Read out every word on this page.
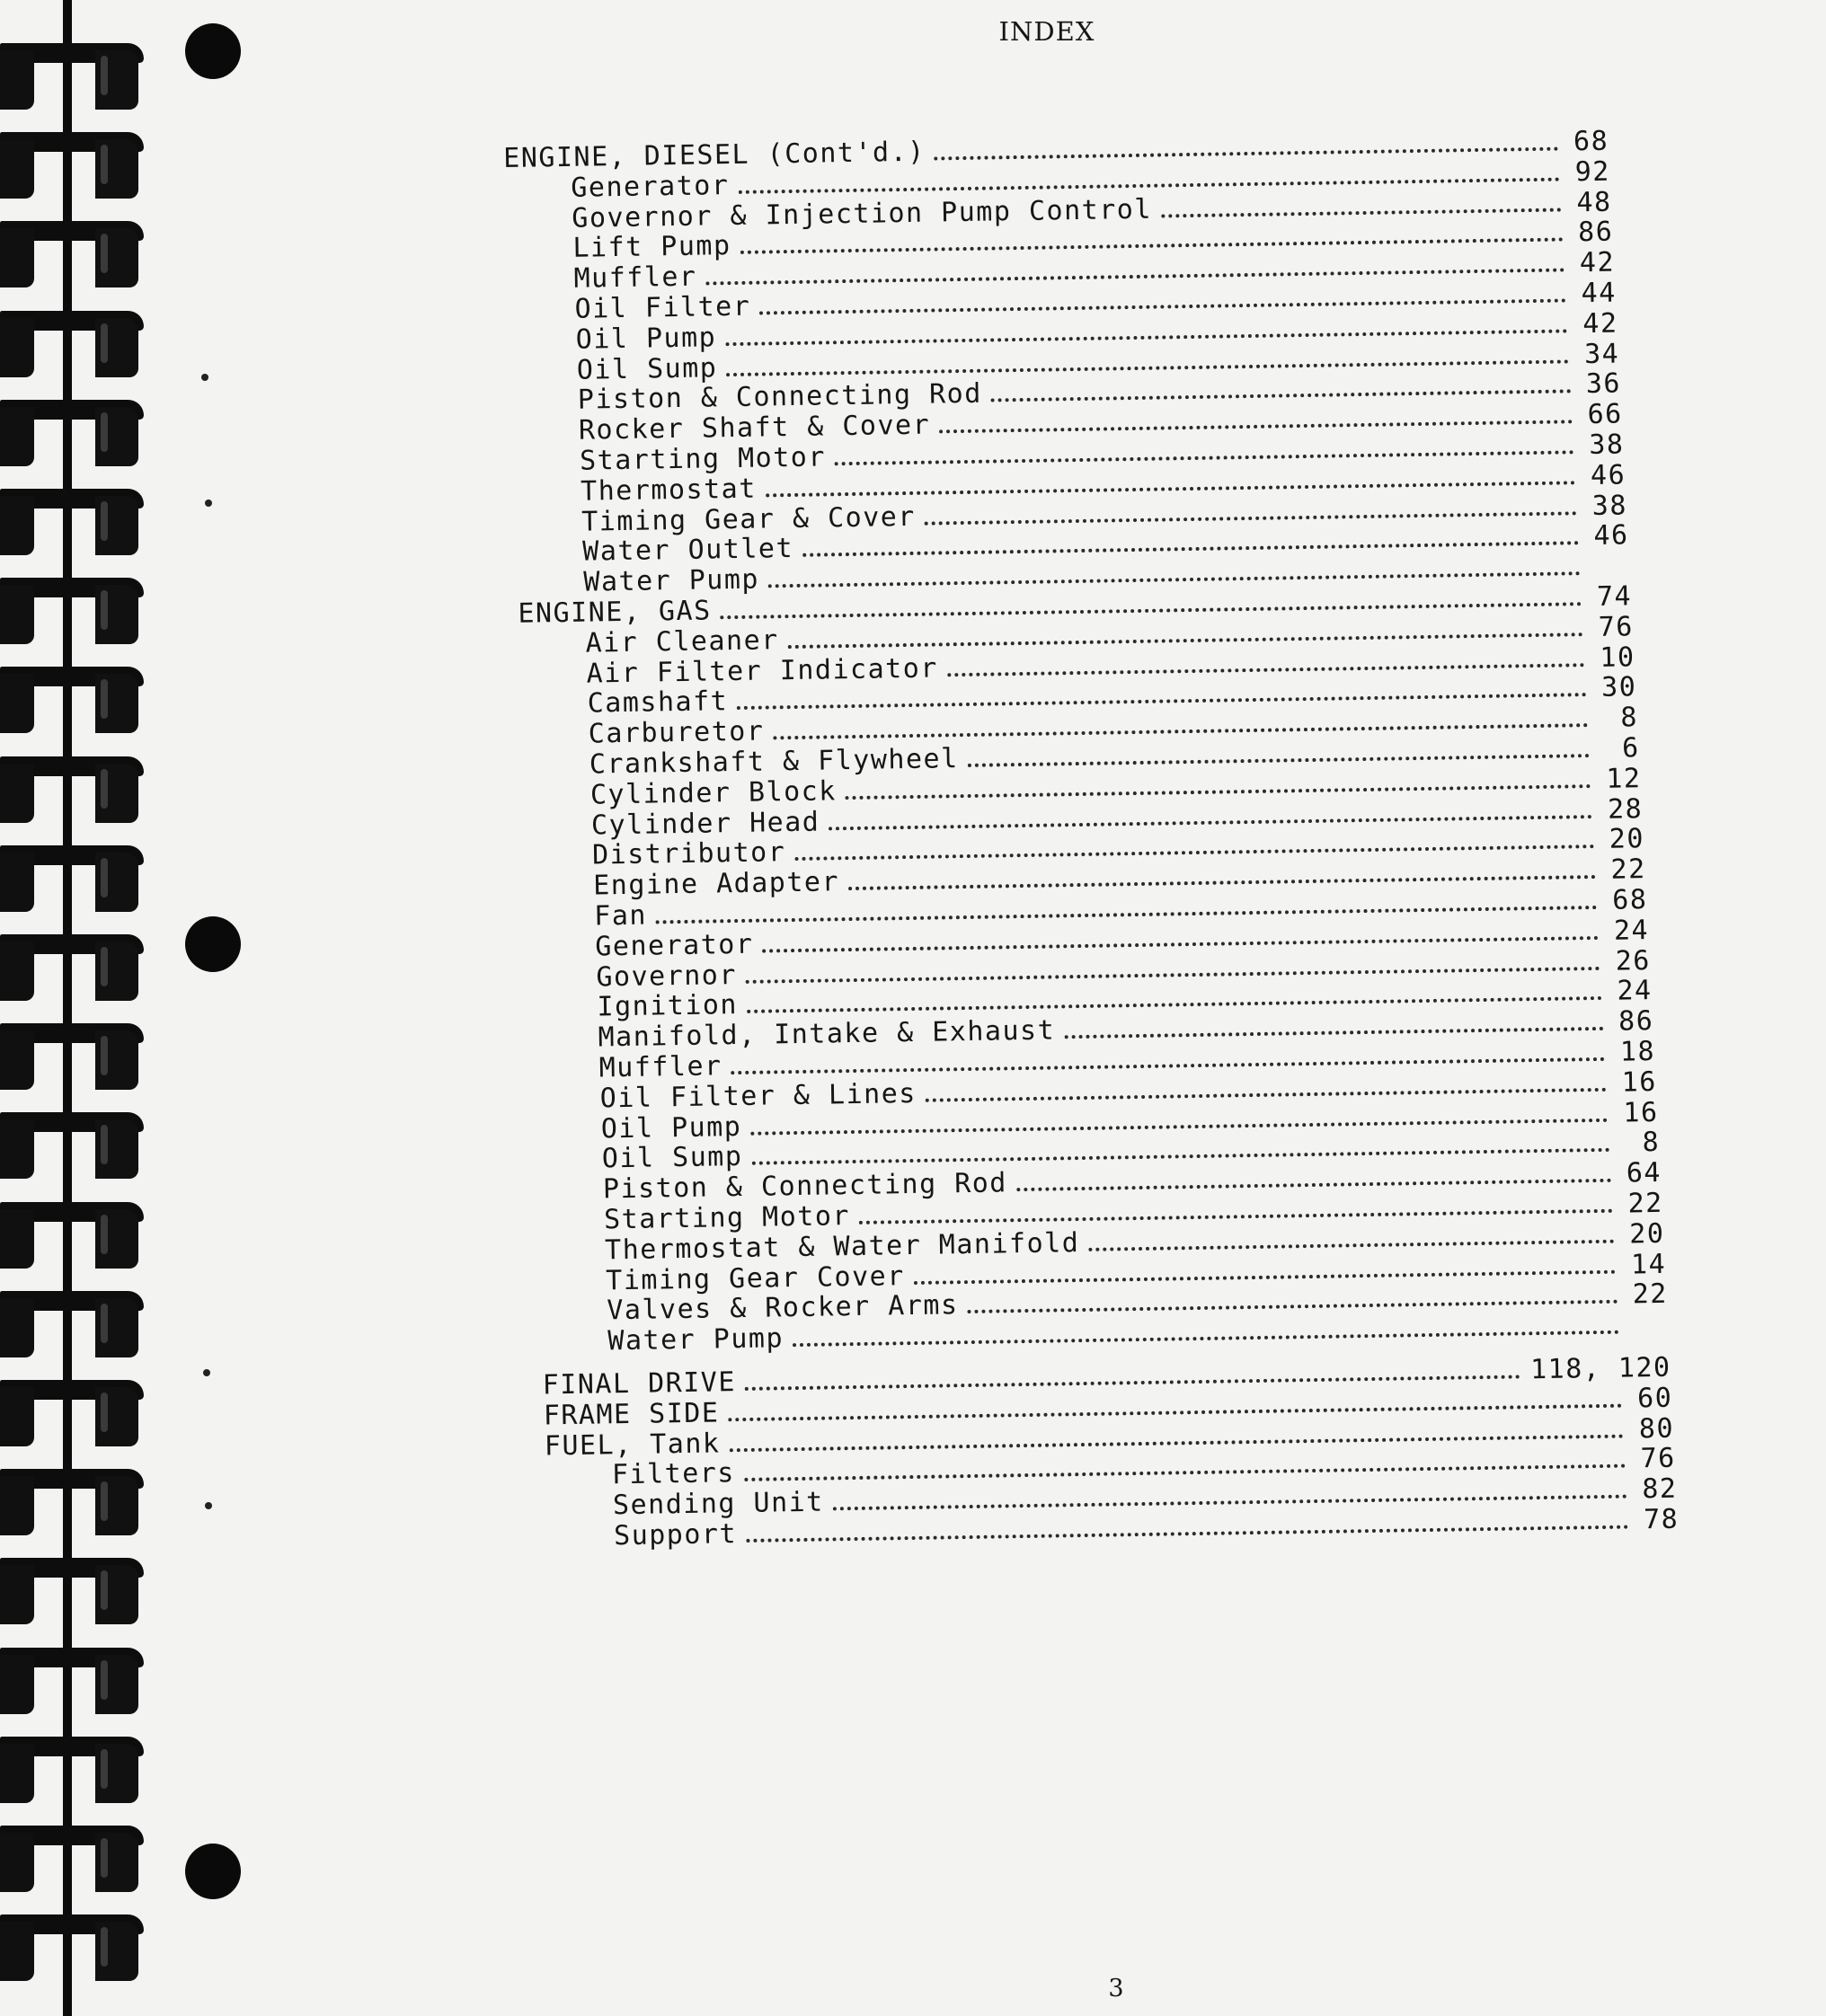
INDEX
ENGINE, DIESEL (Cont'd.)	68
Generator	92
Governor & Injection Pump Control	48
Lift Pump	86
Muffler	42
Oil Filter	44
Oil Pump	42
Oil Sump	34
Piston & Connecting Rod	36
Rocker Shaft & Cover	66
Starting Motor	38
Thermostat	46
Timing Gear & Cover	38
Water Outlet	46
Water Pump
ENGINE, GAS	74
Air Cleaner	76
Air Filter Indicator	10
Camshaft	30
Carburetor	8
Crankshaft & Flywheel	6
Cylinder Block	12
Cylinder Head	28
Distributor	20
Engine Adapter	22
Fan	68
Generator	24
Governor	26
Ignition	24
Manifold, Intake & Exhaust	86
Muffler	18
Oil Filter & Lines	16
Oil Pump	16
Oil Sump	8
Piston & Connecting Rod	64
Starting Motor	22
Thermostat & Water Manifold	20
Timing Gear Cover	14
Valves & Rocker Arms	22
Water Pump
FINAL DRIVE	118, 120
FRAME SIDE	60
FUEL, Tank	80
Filters	76
Sending Unit	82
Support	78
3
